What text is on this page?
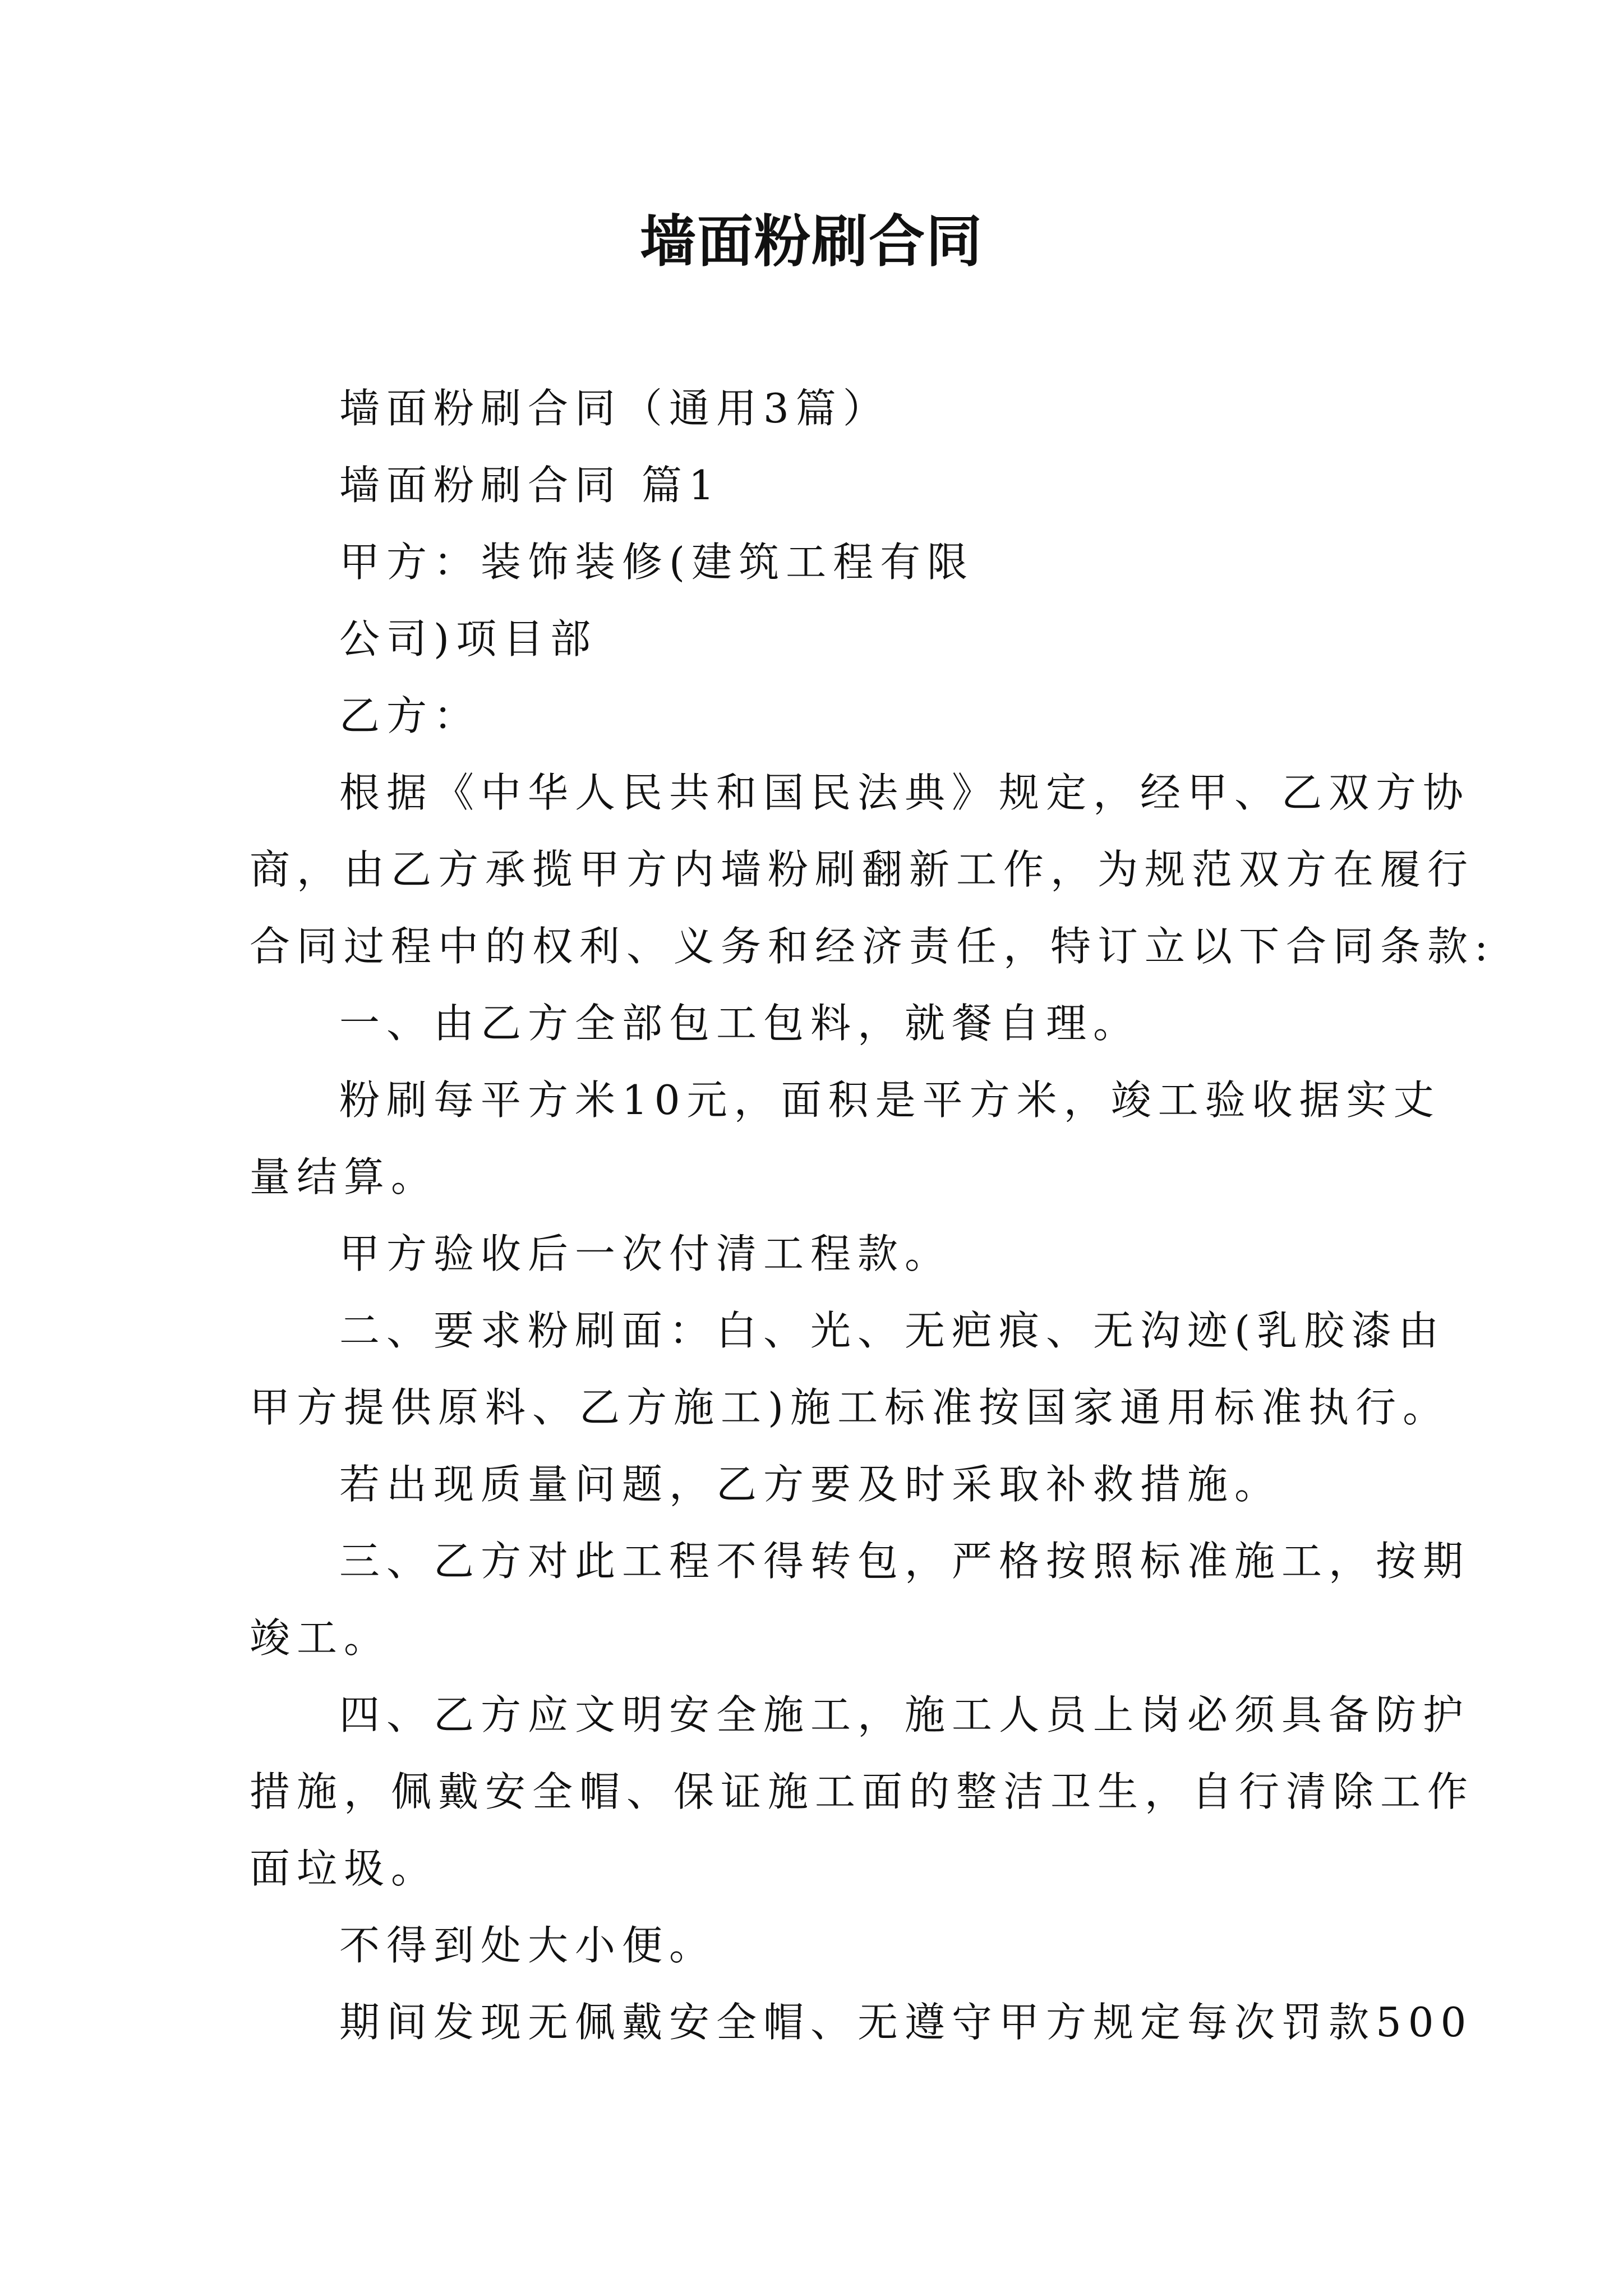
墙面粉刷合同

墙面粉刷合同（通用3篇）

墙面粉刷合同 篇1

甲方：装饰装修(建筑工程有限

公司)项目部

乙方：

根据《中华人民共和国民法典》规定，经甲、乙双方协

商，由乙方承揽甲方内墙粉刷翻新工作，为规范双方在履行

合同过程中的权利、义务和经济责任，特订立以下合同条款:

一、由乙方全部包工包料，就餐自理。

粉刷每平方米10元，面积是平方米，竣工验收据实丈

量结算。

甲方验收后一次付清工程款。

二、要求粉刷面：白、光、无疤痕、无沟迹(乳胶漆由

甲方提供原料、乙方施工)施工标准按国家通用标准执行。

若出现质量问题，乙方要及时采取补救措施。

三、乙方对此工程不得转包，严格按照标准施工，按期

竣工。

四、乙方应文明安全施工，施工人员上岗必须具备防护

措施，佩戴安全帽、保证施工面的整洁卫生，自行清除工作

面垃圾。

不得到处大小便。

期间发现无佩戴安全帽、无遵守甲方规定每次罚款500
